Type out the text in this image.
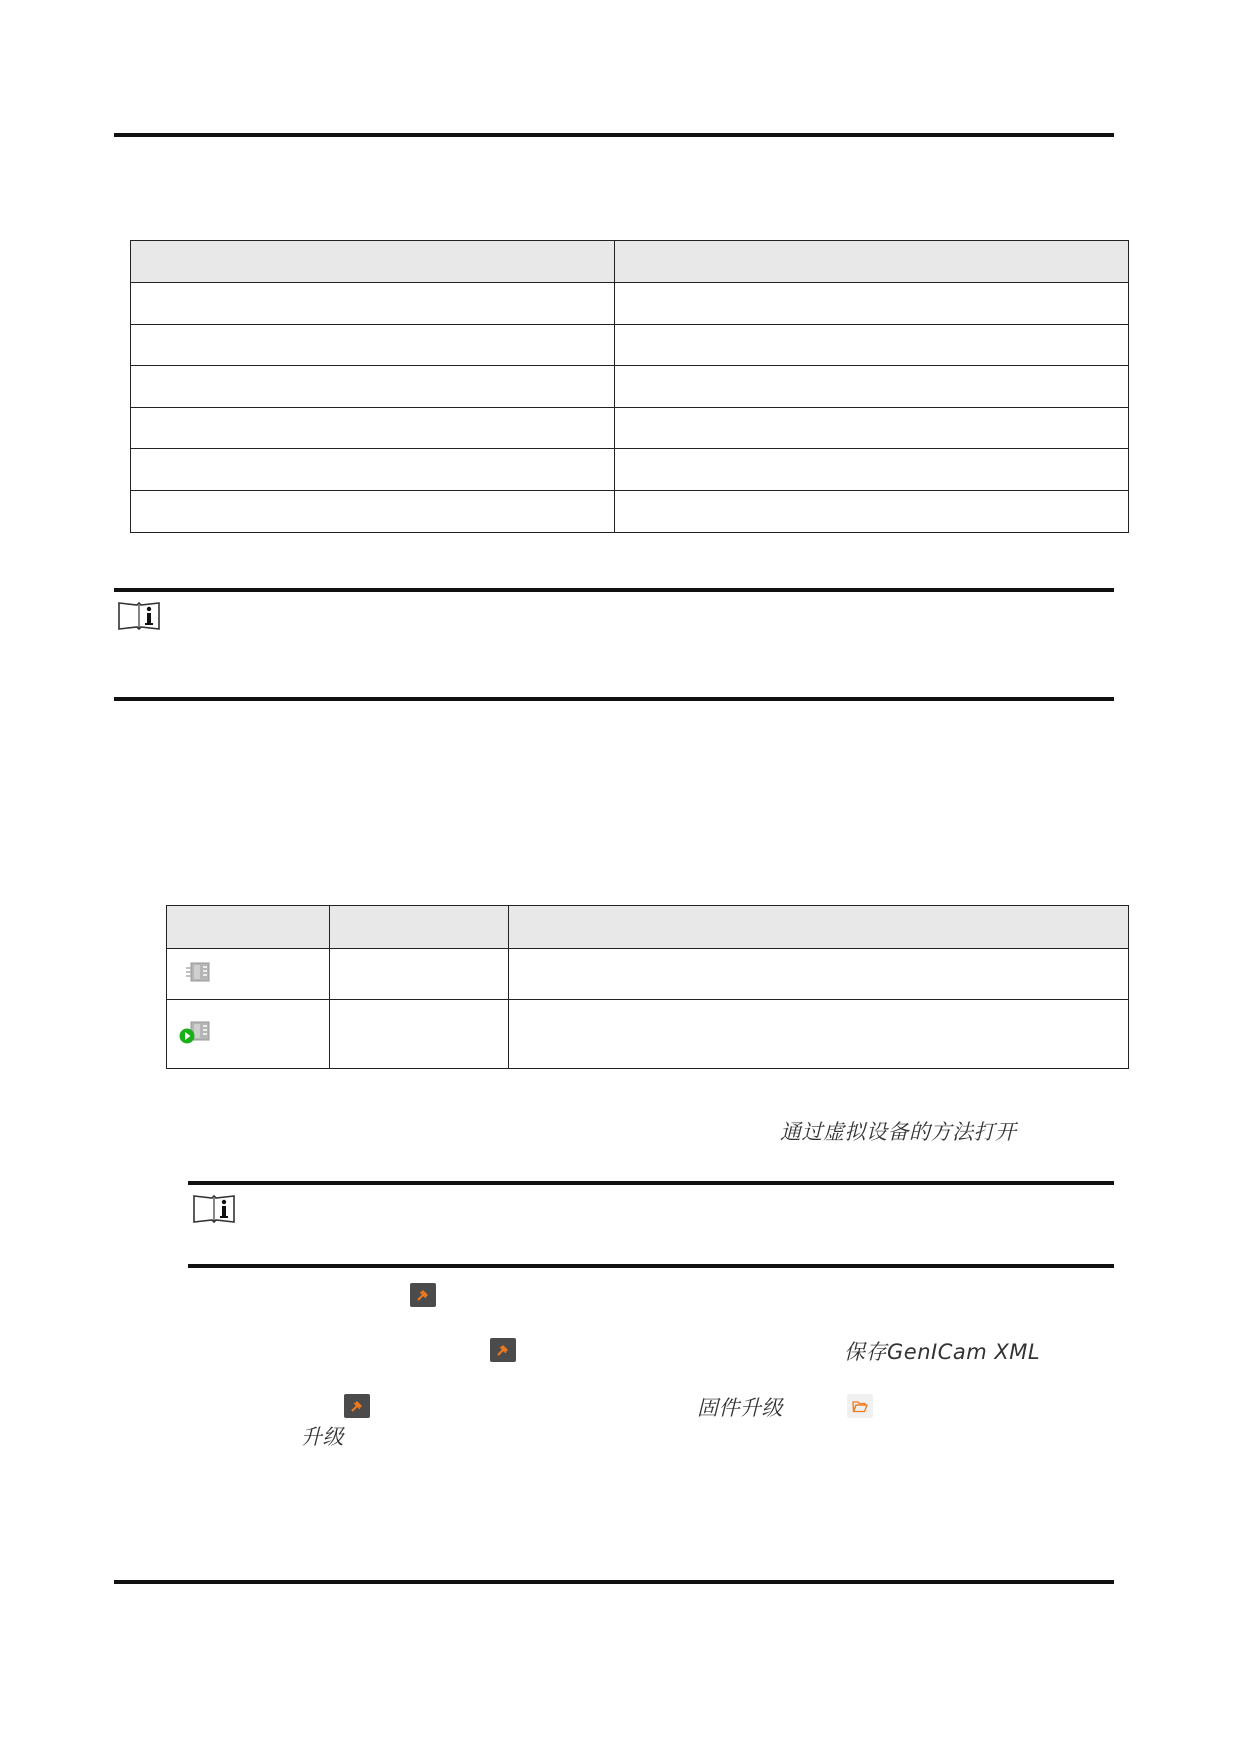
通过虚拟设备的方法打开
保存GenICam XML
固件升级
升级
